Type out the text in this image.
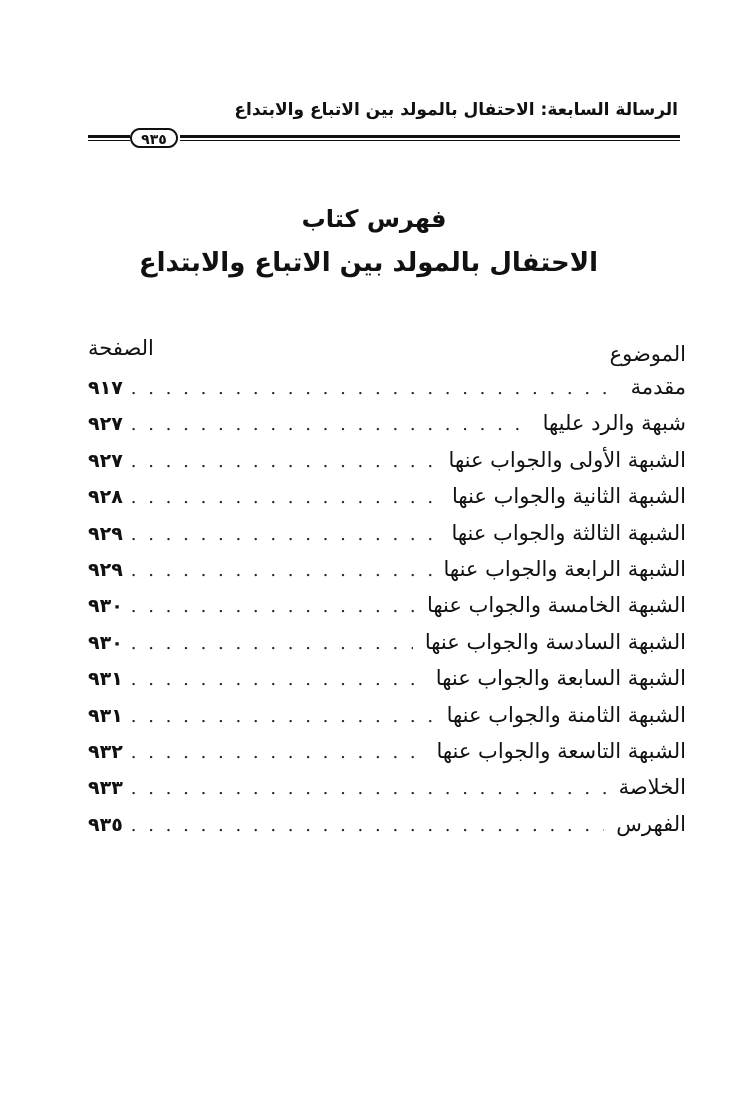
الرسالة السابعة: الاحتفال بالمولد بين الاتباع والابتداع
٩٣٥
فهرس كتاب
الاحتفال بالمولد بين الاتباع والابتداع
الموضوع
الصفحة
مقدمة
. . .
٩١٧
شبهة والرد عليها
. . .
٩٢٧
الشبهة الأولى والجواب عنها
. . .
٩٢٧
الشبهة الثانية والجواب عنها
. . .
٩٢٨
الشبهة الثالثة والجواب عنها
. . .
٩٢٩
الشبهة الرابعة والجواب عنها
. . .
٩٢٩
الشبهة الخامسة والجواب عنها
. . .
٩٣٠
الشبهة السادسة والجواب عنها
. . .
٩٣٠
الشبهة السابعة والجواب عنها
. . .
٩٣١
الشبهة الثامنة والجواب عنها
. . .
٩٣١
الشبهة التاسعة والجواب عنها
. . .
٩٣٢
الخلاصة
. . .
٩٣٣
الفهرس
. . .
٩٣٥
